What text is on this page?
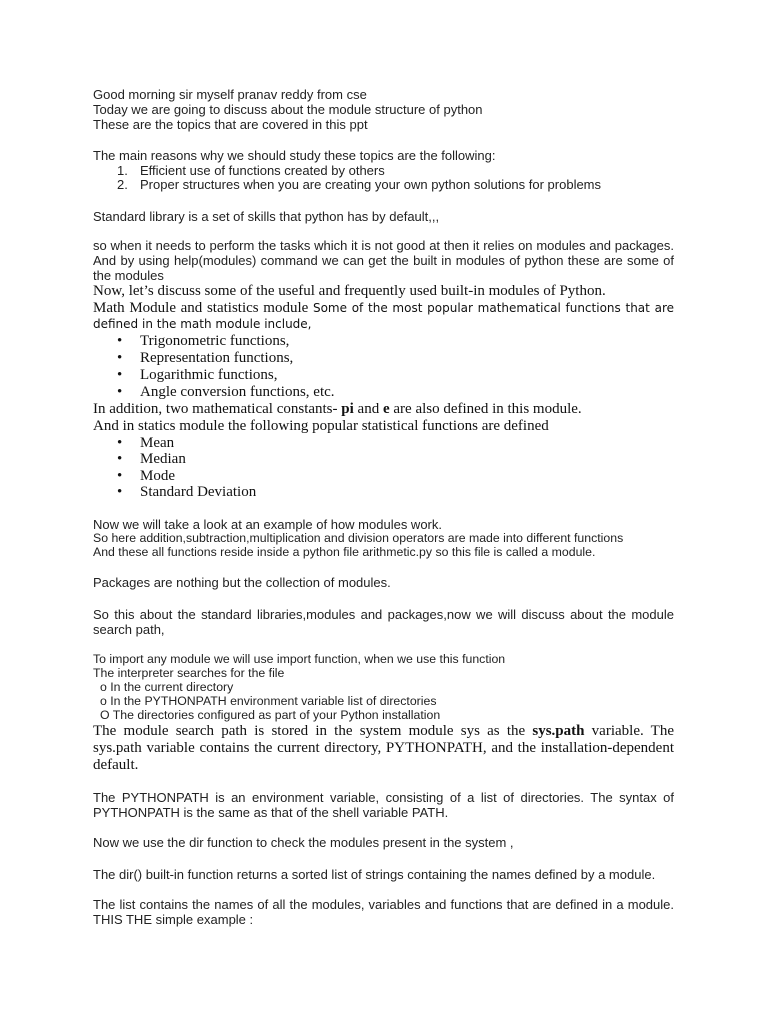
Good morning sir myself pranav reddy from cse

Today we are going to discuss about the module structure of python

These are the topics that are covered in this ppt

The main reasons why we should study these topics are the following:

1. Efficient use of functions created by others
2. Proper structures when you are creating your own python solutions for problems

Standard library is a set of skills that python has by default,,,

so when it needs to perform the tasks which it is not good at then it relies on modules and packages. And by using help(modules) command we can get the built in modules of python these are some of the modules

Now, let’s discuss some of the useful and frequently used built-in modules of Python.

Math Module and statistics module Some of the most popular mathematical functions that are defined in the math module include,

• Trigonometric functions,
• Representation functions,
• Logarithmic functions,
• Angle conversion functions, etc.

In addition, two mathematical constants- pi and e are also defined in this module.

And in statics module the following popular statistical functions are defined

• Mean
• Median
• Mode
• Standard Deviation

Now we will take a look at an example of how modules work.

So here addition,subtraction,multiplication and division operators are made into different functions

And these all functions reside inside a python file arithmetic.py so this file is called a module.

Packages are nothing but the collection of modules.

So this about the standard libraries,modules and packages,now we will discuss about the module search path,

To import any module we will use import function, when we use this function

The interpreter searches for the file

o In the current directory

o In the PYTHONPATH environment variable list of directories

O The directories configured as part of your Python installation

The module search path is stored in the system module sys as the sys.path variable. The sys.path variable contains the current directory, PYTHONPATH, and the installation-dependent default.

The PYTHONPATH is an environment variable, consisting of a list of directories. The syntax of PYTHONPATH is the same as that of the shell variable PATH.

Now we use the dir function to check the modules present in the system ,

The dir() built-in function returns a sorted list of strings containing the names defined by a module.

The list contains the names of all the modules, variables and functions that are defined in a module. THIS THE simple example :
